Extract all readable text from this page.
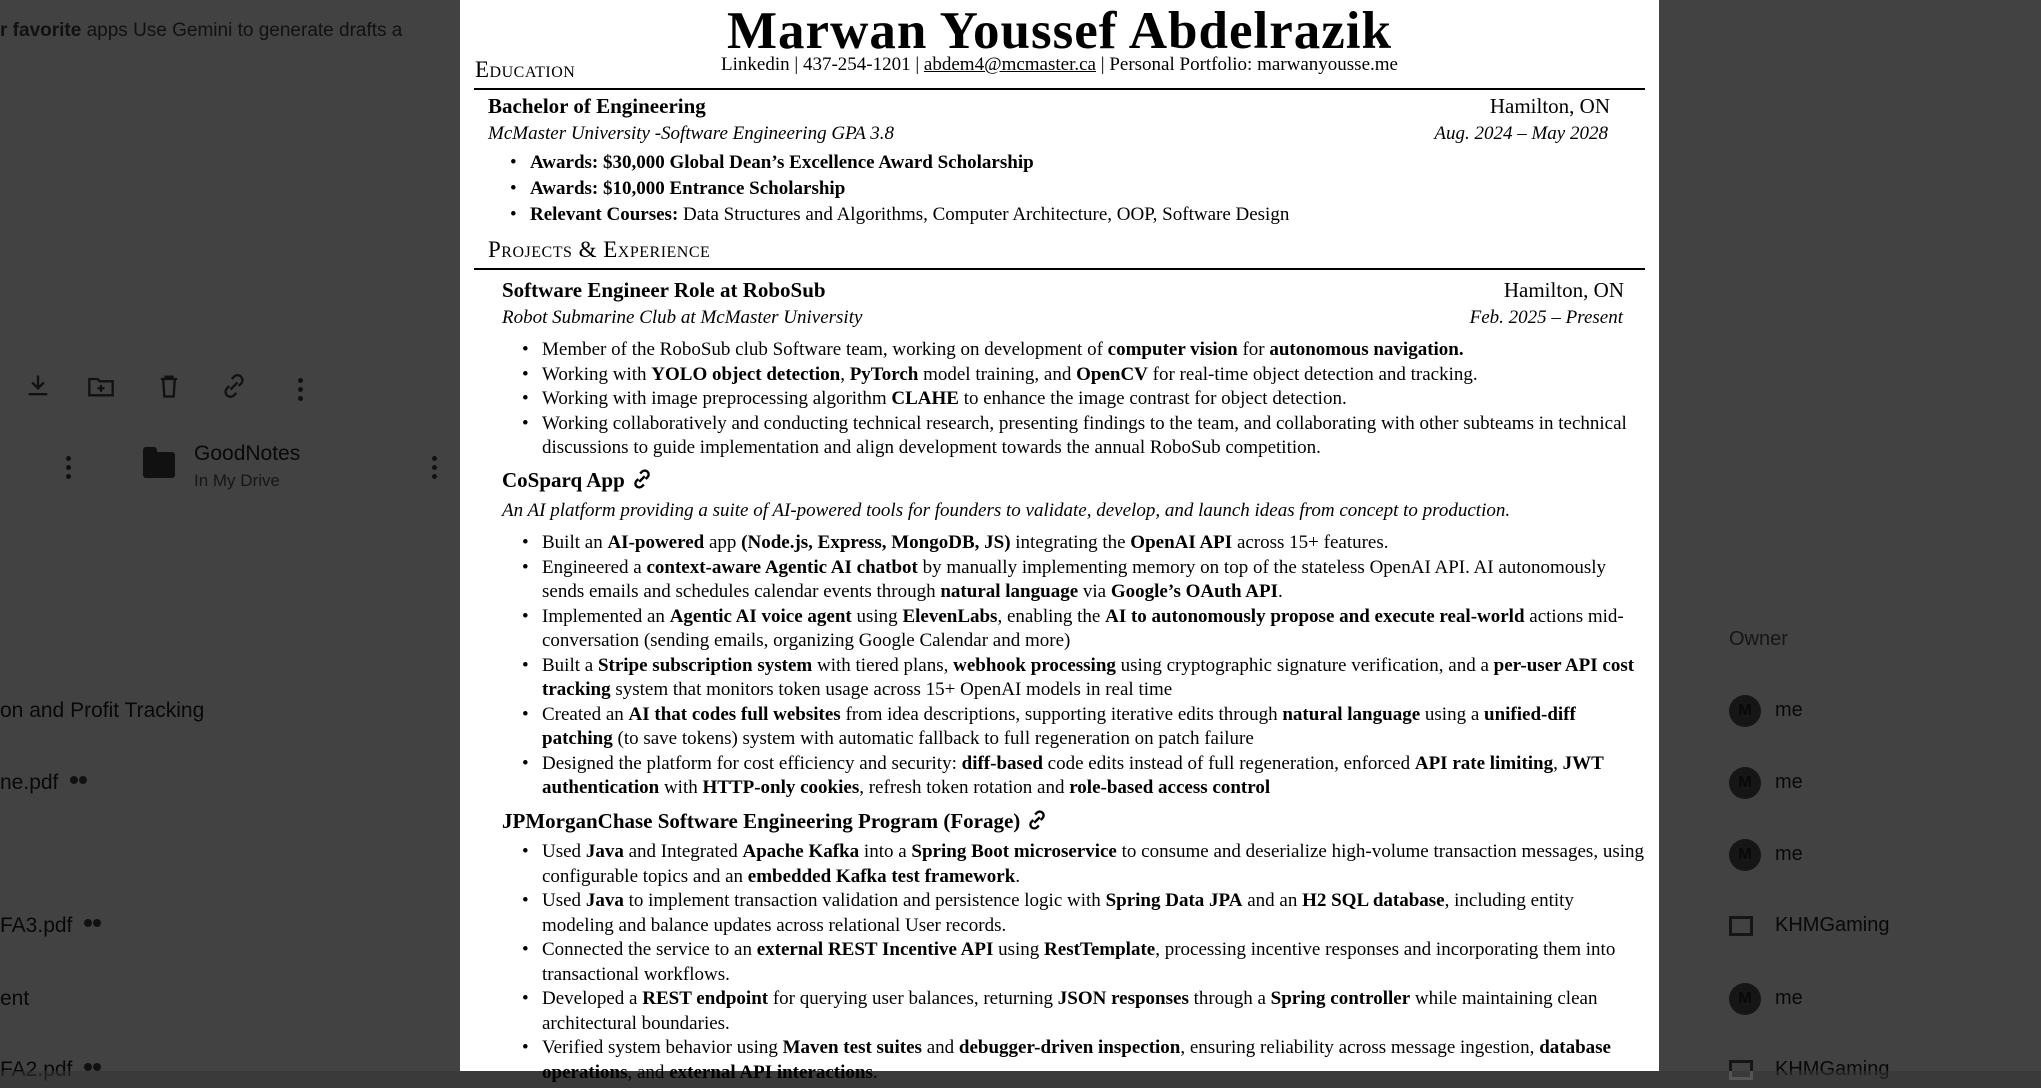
Marwan Youssef Abdelrazik
Linkedin | 437-254-1201 | abdem4@mcmaster.ca | Personal Portfolio: marwanyousse.me
Education
Bachelor of Engineering	Hamilton, ON
McMaster University -Software Engineering GPA 3.8	Aug. 2024 – May 2028
• Awards: $30,000 Global Dean’s Excellence Award Scholarship
• Awards: $10,000 Entrance Scholarship
• Relevant Courses: Data Structures and Algorithms, Computer Architecture, OOP, Software Design
Projects & Experience
Software Engineer Role at RoboSub	Hamilton, ON
Robot Submarine Club at McMaster University	Feb. 2025 – Present
• Member of the RoboSub club Software team, working on development of computer vision for autonomous navigation.
• Working with YOLO object detection, PyTorch model training, and OpenCV for real-time object detection and tracking.
• Working with image preprocessing algorithm CLAHE to enhance the image contrast for object detection.
• Working collaboratively and conducting technical research, presenting findings to the team, and collaborating with other subteams in technical discussions to guide implementation and align development towards the annual RoboSub competition.
CoSparq App
An AI platform providing a suite of AI-powered tools for founders to validate, develop, and launch ideas from concept to production.
• Built an AI-powered app (Node.js, Express, MongoDB, JS) integrating the OpenAI API across 15+ features.
• Engineered a context-aware Agentic AI chatbot by manually implementing memory on top of the stateless OpenAI API. AI autonomously sends emails and schedules calendar events through natural language via Google’s OAuth API.
• Implemented an Agentic AI voice agent using ElevenLabs, enabling the AI to autonomously propose and execute real-world actions mid-conversation (sending emails, organizing Google Calendar and more)
• Built a Stripe subscription system with tiered plans, webhook processing using cryptographic signature verification, and a per-user API cost tracking system that monitors token usage across 15+ OpenAI models in real time
• Created an AI that codes full websites from idea descriptions, supporting iterative edits through natural language using a unified-diff patching (to save tokens) system with automatic fallback to full regeneration on patch failure
• Designed the platform for cost efficiency and security: diff-based code edits instead of full regeneration, enforced API rate limiting, JWT authentication with HTTP-only cookies, refresh token rotation and role-based access control
JPMorganChase Software Engineering Program (Forage)
• Used Java and Integrated Apache Kafka into a Spring Boot microservice to consume and deserialize high-volume transaction messages, using configurable topics and an embedded Kafka test framework.
• Used Java to implement transaction validation and persistence logic with Spring Data JPA and an H2 SQL database, including entity modeling and balance updates across relational User records.
• Connected the service to an external REST Incentive API using RestTemplate, processing incentive responses and incorporating them into transactional workflows.
• Developed a REST endpoint for querying user balances, returning JSON responses through a Spring controller while maintaining clean architectural boundaries.
• Verified system behavior using Maven test suites and debugger-driven inspection, ensuring reliability across message ingestion, database operations, and external API interactions.
